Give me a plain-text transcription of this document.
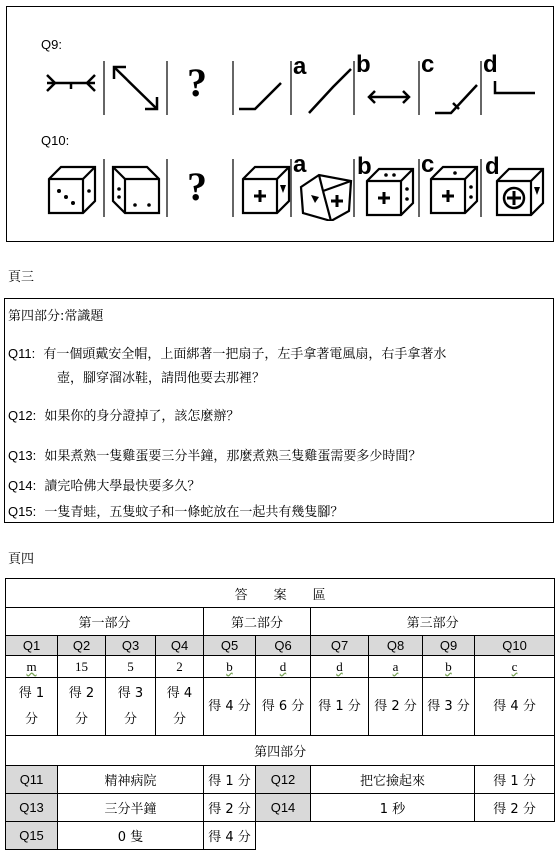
Q9:
?	a b c d
Q10:
?	a b c d
頁三
第四部分:常識題
Q11: 有一個頭戴安全帽，上面綁著一把扇子，左手拿著電風扇，右手拿著水
壺，腳穿溜冰鞋，請問他要去那裡？
Q12: 如果你的身分證掉了，該怎麼辦？
Q13: 如果煮熟一隻雞蛋要三分半鐘，那麼煮熟三隻雞蛋需要多少時間？
Q14: 讀完哈佛大學最快要多久？
Q15: 一隻青蛙，五隻蚊子和一條蛇放在一起共有幾隻腳？
頁四
答　　案　　區									
第一部分				第二部分		第三部分			
Q1	Q2	Q3	Q4	Q5	Q6	Q7	Q8	Q9	Q10
m	15	5	2	b	d	d	a	b	c
得 1 分	得 2 分	得 3 分	得 4 分	得 4 分	得 6 分	得 1 分	得 2 分	得 3 分	得 4 分
第四部分									
Q11	精神病院			得 1 分	Q12	把它撿起來			得 1 分
Q13	三分半鐘			得 2 分	Q14	1 秒			得 2 分
Q15	0 隻			得 4 分					
